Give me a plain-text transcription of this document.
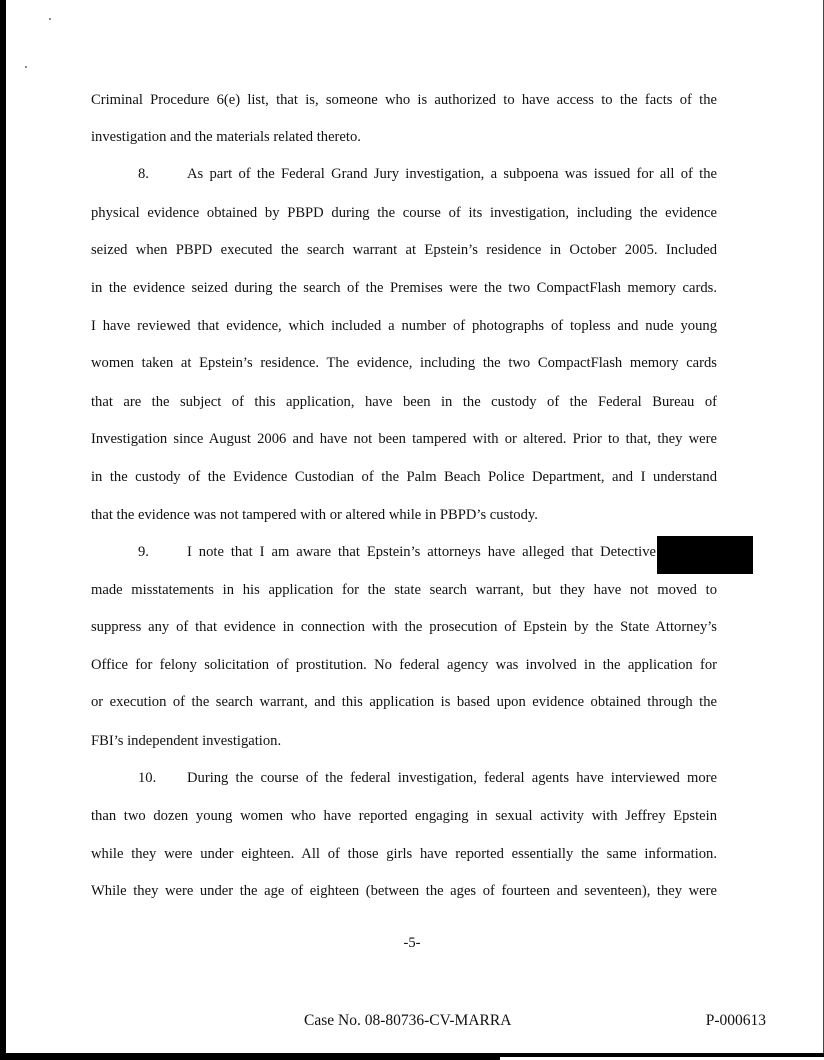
Criminal Procedure 6(e) list, that is, someone who is authorized to have access to the facts of the
investigation and the materials related thereto.
8.	As part of the Federal Grand Jury investigation, a subpoena was issued for all of the
physical evidence obtained by PBPD during the course of its investigation, including the evidence
seized when PBPD executed the search warrant at Epstein’s residence in October 2005. Included
in the evidence seized during the search of the Premises were the two CompactFlash memory cards.
I have reviewed that evidence, which included a number of photographs of topless and nude young
women taken at Epstein’s residence. The evidence, including the two CompactFlash memory cards
that are the subject of this application, have been in the custody of the Federal Bureau of
Investigation since August 2006 and have not been tampered with or altered. Prior to that, they were
in the custody of the Evidence Custodian of the Palm Beach Police Department, and I understand
that the evidence was not tampered with or altered while in PBPD’s custody.
9.	I note that I am aware that Epstein’s attorneys have alleged that Detective
made misstatements in his application for the state search warrant, but they have not moved to
suppress any of that evidence in connection with the prosecution of Epstein by the State Attorney’s
Office for felony solicitation of prostitution. No federal agency was involved in the application for
or execution of the search warrant, and this application is based upon evidence obtained through the
FBI’s independent investigation.
10. During the course of the federal investigation, federal agents have interviewed more
than two dozen young women who have reported engaging in sexual activity with Jeffrey Epstein
while they were under eighteen. All of those girls have reported essentially the same information.
While they were under the age of eighteen (between the ages of fourteen and seventeen), they were
-5-
Case No. 08-80736-CV-MARRA	P-000613
